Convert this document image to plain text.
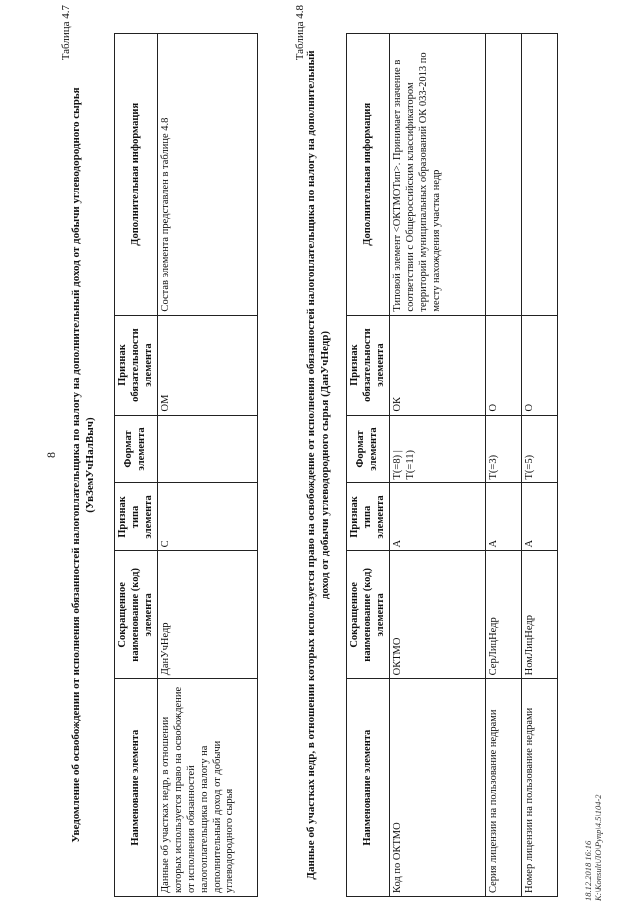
8
Таблица 4.7
Уведомление об освобождении от исполнения обязанностей налогоплательщика по налогу на дополнительный доход от добычи углеводородного сырья (УвЗемУчНалВыч)
Наименование элемента	Сокращенное наименование (код) элемента	Признак типа элемента	Формат элемента	Признак обязательности элемента	Дополнительная информация
Данные об участках недр, в отношении которых используется право на освобождение от исполнения обязанностей налогоплательщика по налогу на дополнительный доход от добычи углеводородного сырья	ДанУчНедр	С		ОМ	Состав элемента представлен в таблице 4.8
Таблица 4.8
Данные об участках недр, в отношении которых используется право на освобождение от исполнения обязанностей налогоплательщика по налогу на дополнительный доход от добычи углеводородного сырья (ДанУчНедр)
Наименование элемента	Сокращенное наименование (код) элемента	Признак типа элемента	Формат элемента	Признак обязательности элемента	Дополнительная информация
Код по ОКТМО	ОКТМО	А	T(=8) | T(=11)	ОК	Типовой элемент <ОКТМОТип>. Принимает значение в соответствии с Общероссийским классификатором территорий муниципальных образований ОК 033-2013 по месту нахождения участка недр
Серия лицензии на пользование недрами	СерЛицНедр	А	T(=3)	О	
Номер лицензии на пользование недрами	НомЛицНедр	А	T(=5)	О	
18.12.2018 16:16 К:\Konsult\ЛО\Рупр\4.5\104-2
